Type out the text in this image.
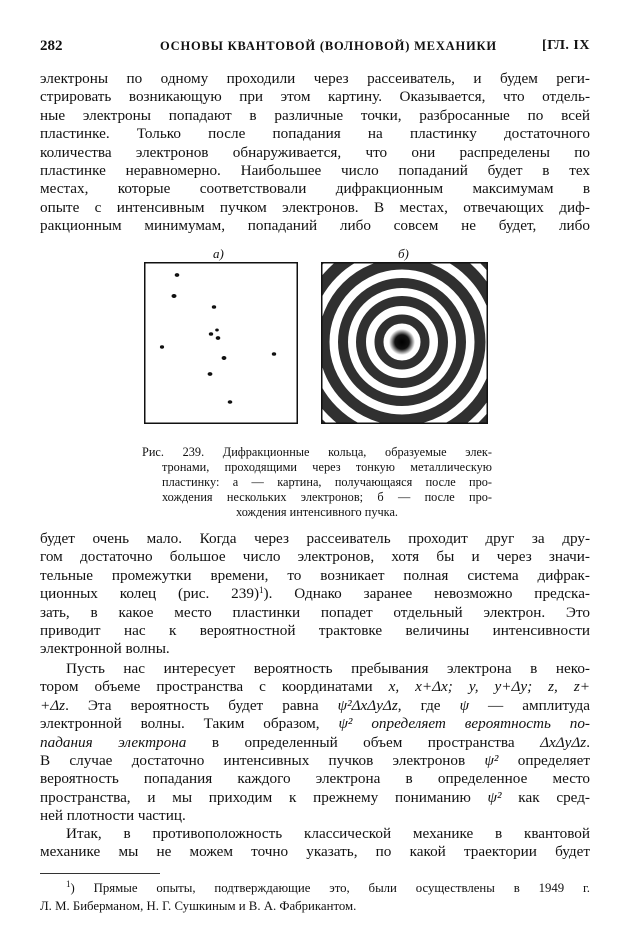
282	ОСНОВЫ КВАНТОВОЙ (ВОЛНОВОЙ) МЕХАНИКИ	[ГЛ. IX
электроны по одному проходили через рассеиватель, и будем реги-
стрировать возникающую при этом картину. Оказывается, что отдель-
ные электроны попадают в различные точки, разбросанные по всей
пластинке. Только после попадания на пластинку достаточного
количества электронов обнаруживается, что они распределены по
пластинке неравномерно. Наибольшее число попаданий будет в тех
местах, которые соответствовали дифракционным максимумам в
опыте с интенсивным пучком электронов. В местах, отвечающих диф-
ракционным минимумам, попаданий либо совсем не будет, либо
а)	б)
Рис. 239. Дифракционные кольца, образуемые элек-
тронами, проходящими через тонкую металлическую
пластинку: а — картина, получающаяся после про-
хождения нескольких электронов; б — после про-
хождения интенсивного пучка.
будет очень мало. Когда через рассеиватель проходит друг за дру-
гом достаточно большое число электронов, хотя бы и через значи-
тельные промежутки времени, то возникает полная система дифрак-
ционных колец (рис. 239)$^1$). Однако заранее невозможно предска-
зать, в какое место пластинки попадет отдельный электрон. Это
приводит нас к вероятностной трактовке величины интенсивности
электронной волны.
Пусть нас интересует вероятность пребывания электрона в неко-
тором объеме пространства с координатами x, x+Δx; y, y+Δy; z, z+
+Δz. Эта вероятность будет равна ψ²ΔxΔyΔz, где ψ — амплитуда
электронной волны. Таким образом, ψ² определяет вероятность по-
падания электрона в определенный объем пространства ΔxΔyΔz.
В случае достаточно интенсивных пучков электронов ψ² определяет
вероятность попадания каждого электрона в определенное место
пространства, и мы приходим к прежнему пониманию ψ² как сред-
ней плотности частиц.
Итак, в противоположность классической механике в квантовой
механике мы не можем точно указать, по какой траектории будет
$^1$) Прямые опыты, подтверждающие это, были осуществлены в 1949 г.
Л. М. Биберманом, Н. Г. Сушкиным и В. А. Фабрикантом.
